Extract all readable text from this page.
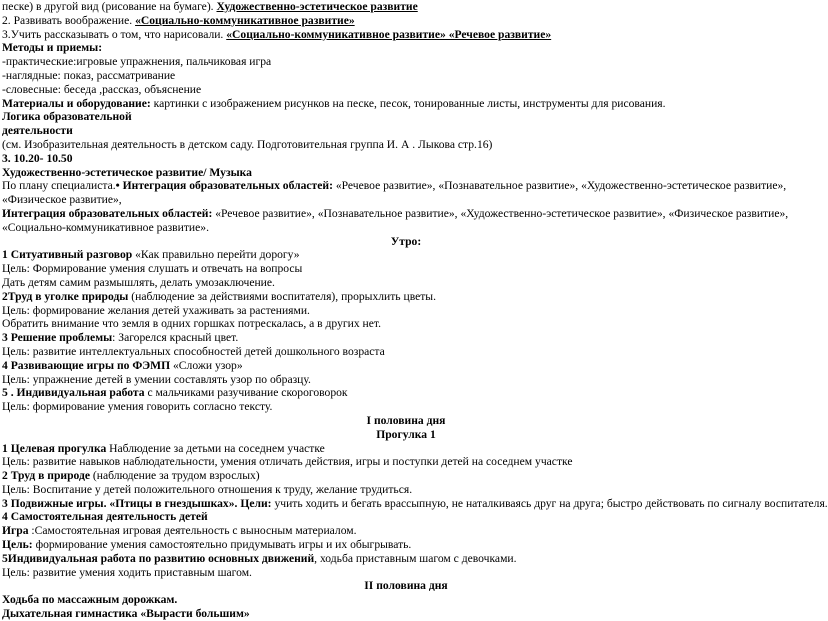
песке) в другой вид (рисование на бумаге). Художественно-эстетическое развитие

2. Развивать воображение. «Социально-коммуникативное развитие»

3.Учить рассказывать о том, что нарисовали. «Социально-коммуникативное развитие» «Речевое развитие»

Методы и приемы:

-практические:игровые упражнения, пальчиковая игра

-наглядные: показ, рассматривание

-словесные: беседа ,рассказ, объяснение

Материалы и оборудование: картинки с изображением рисунков на песке, песок, тонированные листы, инструменты для рисования.

Логика образовательной

деятельности

(см. Изобразительная деятельность в детском саду. Подготовительная группа И. А . Лыкова стр.16)

3. 10.20- 10.50

Художественно-эстетическое развитие/ Музыка

По плану специалиста.• Интеграция образовательных областей: «Речевое развитие», «Познавательное развитие», «Художественно-эстетическое развитие», «Физическое развитие»,

Интеграция образовательных областей: «Речевое развитие», «Познавательное развитие», «Художественно-эстетическое развитие», «Физическое развитие», «Социально-коммуникативное развитие».

Утро:

1 Ситуативный разговор «Как правильно перейти дорогу»

Цель: Формирование умения слушать и отвечать на вопросы

Дать детям самим размышлять, делать умозаключение.

2Труд в уголке природы (наблюдение за действиями воспитателя), прорыхлить цветы.

Цель: формирование желания детей ухаживать за растениями.

Обратить внимание что земля в одних горшках потрескалась, а в других нет.

3 Решение проблемы: Загорелся красный цвет.

Цель: развитие интеллектуальных способностей детей дошкольного возраста

4 Развивающие игры по ФЭМП «Сложи узор»

Цель: упражнение детей в умении составлять узор по образцу.

5 . Индивидуальная работа с мальчиками разучивание скороговорок

Цель: формирование умения говорить согласно тексту.

I половина дня

Прогулка 1

1 Целевая прогулка Наблюдение за детьми на соседнем участке

Цель: развитие навыков наблюдательности, умения отличать действия, игры и поступки детей на соседнем участке

2 Труд в природе (наблюдение за трудом взрослых)

Цель: Воспитание у детей положительного отношения к труду, желание трудиться.

3 Подвижные игры. «Птицы в гнездышках». Цели: учить ходить и бегать врассыпную, не наталкиваясь друг на друга; быстро действовать по сигналу воспитателя.

4 Самостоятельная деятельность детей

Игра :Самостоятельная игровая деятельность с выносным материалом.

Цель: формирование умения самостоятельно придумывать игры и их обыгрывать.

5Индивидуальная работа по развитию основных движений, ходьба приставным шагом с девочками.

Цель: развитие умения ходить приставным шагом.

II половина дня

Ходьба по массажным дорожкам.

Дыхательная гимнастика «Вырасти большим»
